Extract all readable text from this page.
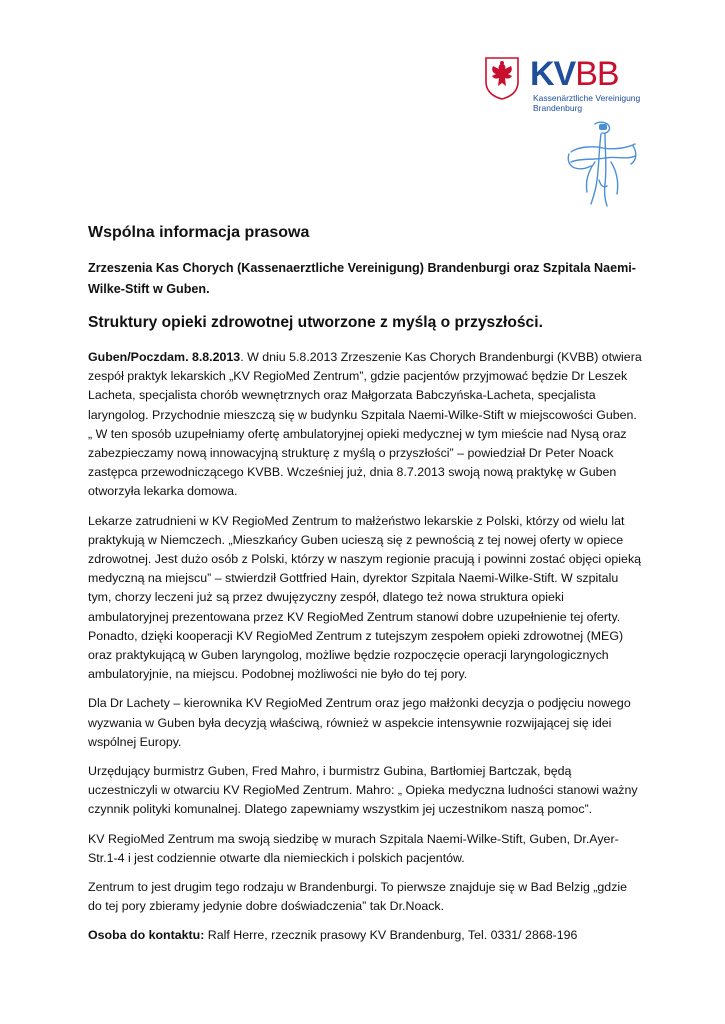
KVBB
Kassenärztliche Vereinigung
Brandenburg
Wspólna informacja prasowa
Zrzeszenia Kas Chorych (Kassenaerztliche Vereinigung) Brandenburgi oraz Szpitala Naemi-Wilke-Stift w Guben.
Struktury opieki zdrowotnej utworzone z myślą o przyszłości.

Guben/Poczdam. 8.8.2013. W dniu 5.8.2013 Zrzeszenie Kas Chorych Brandenburgi (KVBB) otwiera zespół praktyk lekarskich „KV RegioMed Zentrum”, gdzie pacjentów przyjmować będzie Dr Leszek Lacheta, specjalista chorób wewnętrznych oraz Małgorzata Babczyńska-Lacheta, specjalista laryngolog. Przychodnie mieszczą się w budynku Szpitala Naemi-Wilke-Stift w miejscowości Guben. „ W ten sposób uzupełniamy ofertę ambulatoryjnej opieki medycznej w tym mieście nad Nysą oraz zabezpieczamy nową innowacyjną strukturę z myślą o przyszłości” – powiedział Dr Peter Noack zastępca przewodniczącego KVBB. Wcześniej już, dnia 8.7.2013 swoją nową praktykę w Guben otworzyła lekarka domowa.

Lekarze zatrudnieni w KV RegioMed Zentrum to małżeństwo lekarskie z Polski, którzy od wielu lat praktykują w Niemczech. „Mieszkańcy Guben ucieszą się z pewnością z tej nowej oferty w opiece zdrowotnej. Jest dużo osób z Polski, którzy w naszym regionie pracują i powinni zostać objęci opieką medyczną na miejscu” – stwierdził Gottfried Hain, dyrektor Szpitala Naemi-Wilke-Stift. W szpitalu tym, chorzy leczeni już są przez dwujęzyczny zespół, dlatego też nowa struktura opieki ambulatoryjnej prezentowana przez KV RegioMed Zentrum stanowi dobre uzupełnienie tej oferty. Ponadto, dzięki kooperacji KV RegioMed Zentrum z tutejszym zespołem opieki zdrowotnej (MEG) oraz praktykującą w Guben laryngolog, możliwe będzie rozpoczęcie operacji laryngologicznych ambulatoryjnie, na miejscu. Podobnej możliwości nie było do tej pory.

Dla Dr Lachety – kierownika KV RegioMed Zentrum oraz jego małżonki decyzja o podjęciu nowego wyzwania w Guben była decyzją właściwą, również w aspekcie intensywnie rozwijającej się idei wspólnej Europy.

Urzędujący burmistrz Guben, Fred Mahro, i burmistrz Gubina, Bartłomiej Bartczak, będą uczestniczyli w otwarciu KV RegioMed Zentrum. Mahro: „ Opieka medyczna ludności stanowi ważny czynnik polityki komunalnej. Dlatego zapewniamy wszystkim jej uczestnikom naszą pomoc”.

KV RegioMed Zentrum ma swoją siedzibę w murach Szpitala Naemi-Wilke-Stift, Guben, Dr.Ayer-Str.1-4 i jest codziennie otwarte dla niemieckich i polskich pacjentów.

Zentrum to jest drugim tego rodzaju w Brandenburgi. To pierwsze znajduje się w Bad Belzig „gdzie do tej pory zbieramy jedynie dobre doświadczenia” tak Dr.Noack.

Osoba do kontaktu: Ralf Herre, rzecznik prasowy KV Brandenburg, Tel. 0331/ 2868-196
